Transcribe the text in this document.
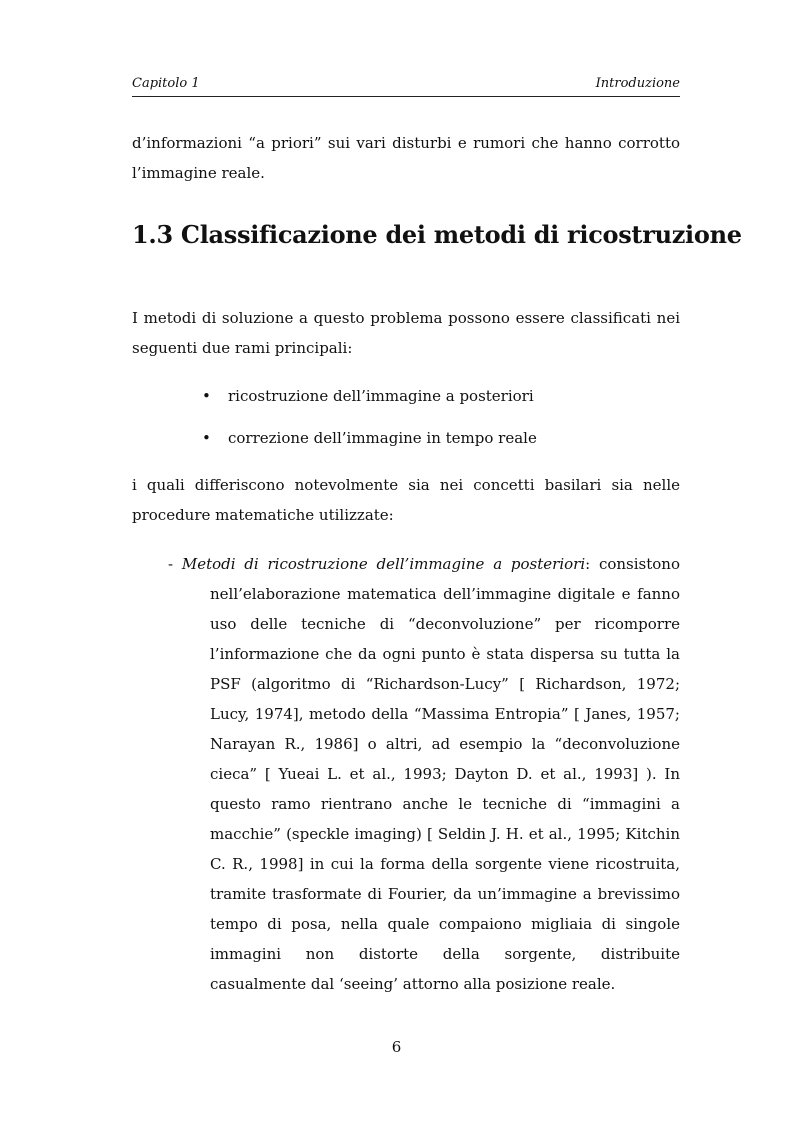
Capitolo 1	Introduzione

d’informazioni “a priori” sui vari disturbi e rumori che hanno corrotto l’immagine reale.

1.3 Classificazione dei metodi di ricostruzione

I metodi di soluzione a questo problema possono essere classificati nei seguenti due rami principali:

• ricostruzione dell’immagine a posteriori
• correzione dell’immagine in tempo reale

i quali differiscono notevolmente sia nei concetti basilari sia nelle procedure matematiche utilizzate:

- Metodi di ricostruzione dell’immagine a posteriori: consistono
nell’elaborazione matematica dell’immagine digitale e fanno uso delle tecniche di “deconvoluzione” per ricomporre l’informazione che da ogni punto è stata dispersa su tutta la PSF (algoritmo di “Richardson-Lucy” [ Richardson, 1972; Lucy, 1974], metodo della “Massima Entropia” [ Janes, 1957; Narayan R., 1986] o altri, ad esempio la “deconvoluzione cieca” [ Yueai L. et al., 1993; Dayton D. et al., 1993] ). In questo ramo rientrano anche le tecniche di “immagini a macchie” (speckle imaging) [ Seldin J. H. et al., 1995; Kitchin C. R., 1998] in cui la forma della sorgente viene ricostruita, tramite trasformate di Fourier, da un’immagine a brevissimo tempo di posa, nella quale compaiono migliaia di singole immagini non distorte della sorgente, distribuite casualmente dal ‘seeing’ attorno alla posizione reale.
6
